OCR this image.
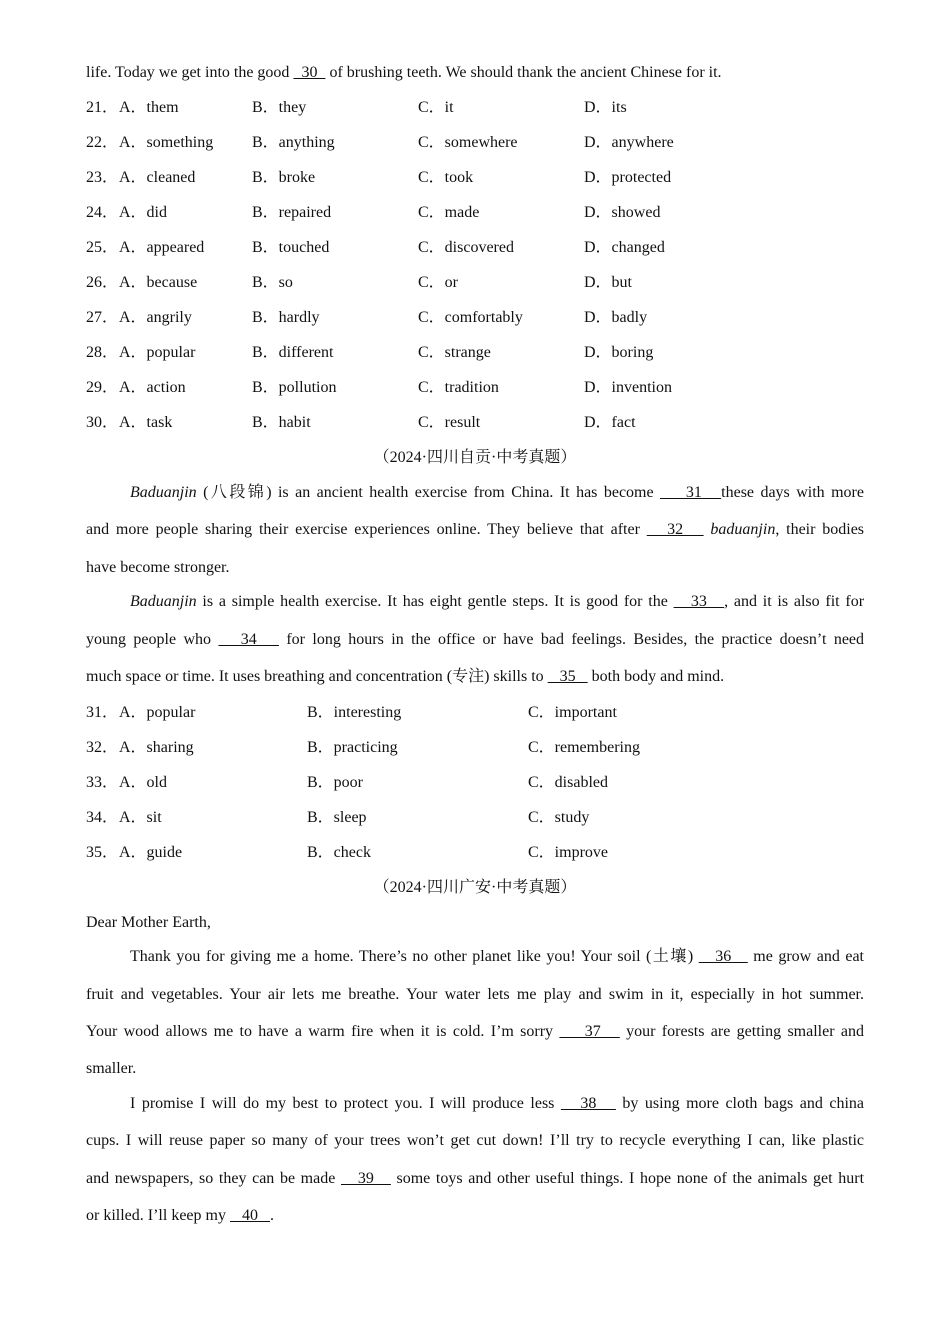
life. Today we get into the good   30   of brushing teeth. We should thank the ancient Chinese for it.
21． A．them	B．they	C．it	D．its
22． A．something B．anything	C．somewhere	D．anywhere
23． A．cleaned	B．broke	C．took	D．protected
24． A．did	B．repaired	C．made	D．showed
25． A．appeared	B．touched	C．discovered	D．changed
26． A．because	B．so	C．or	D．but
27． A．angrily	B．hardly	C．comfortably	D．badly
28． A．popular	B．different	C．strange	D．boring
29． A．action	B．pollution	C．tradition	D．invention
30． A．task	B．habit	C．result	D．fact
（2024·四川自贡·中考真题）
Baduanjin (八段锦) is an ancient health exercise from China. It has become     31   these days with more
and more people sharing their exercise experiences online. They believe that after    32    baduanjin, their bodies
have become stronger.
Baduanjin is a simple health exercise. It has eight gentle steps. It is good for the    33   , and it is also fit for
young people who    34    for long hours in the office or have bad feelings. Besides, the practice doesn’t need
much space or time. It uses breathing and concentration (专注) skills to    35    both body and mind.
31． A．popular	B．interesting	C．important
32． A．sharing	B．practicing	C．remembering
33． A．old	B．poor	C．disabled
34． A．sit	B．sleep	C．study
35． A．guide	B．check	C．improve
（2024·四川广安·中考真题）
Dear Mother Earth,
Thank you for giving me a home. There’s no other planet like you! Your soil (土壤)    36    me grow and eat
fruit and vegetables. Your air lets me breathe. Your water lets me play and swim in it, especially in hot summer.
Your wood allows me to have a warm fire when it is cold. I’m sorry     37    your forests are getting smaller and
smaller.
I promise I will do my best to protect you. I will produce less    38    by using more cloth bags and china
cups. I will reuse paper so many of your trees won’t get cut down! I’ll try to recycle everything I can, like plastic
and newspapers, so they can be made    39    some toys and other useful things. I hope none of the animals get hurt
or killed. I’ll keep my    40   .
